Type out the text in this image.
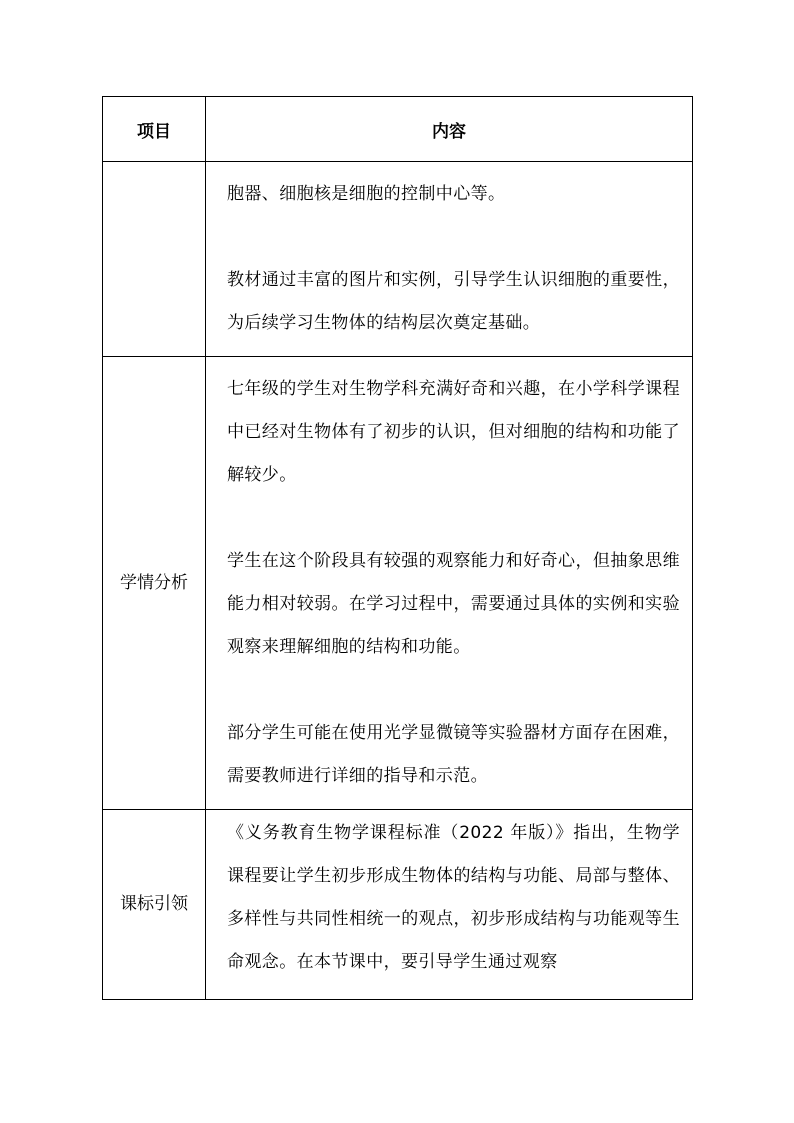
项目	内容

	胞器、细胞核是细胞的控制中心等。

教材通过丰富的图片和实例，引导学生认识细胞的重要性，为后续学习生物体的结构层次奠定基础。

学情分析	七年级的学生对生物学科充满好奇和兴趣，在小学科学课程中已经对生物体有了初步的认识，但对细胞的结构和功能了解较少。

学生在这个阶段具有较强的观察能力和好奇心，但抽象思维能力相对较弱。在学习过程中，需要通过具体的实例和实验观察来理解细胞的结构和功能。

部分学生可能在使用光学显微镜等实验器材方面存在困难，需要教师进行详细的指导和示范。

课标引领	《义务教育生物学课程标准（2022 年版）》指出，生物学课程要让学生初步形成生物体的结构与功能、局部与整体、多样性与共同性相统一的观点，初步形成结构与功能观等生命观念。在本节课中，要引导学生通过观察
